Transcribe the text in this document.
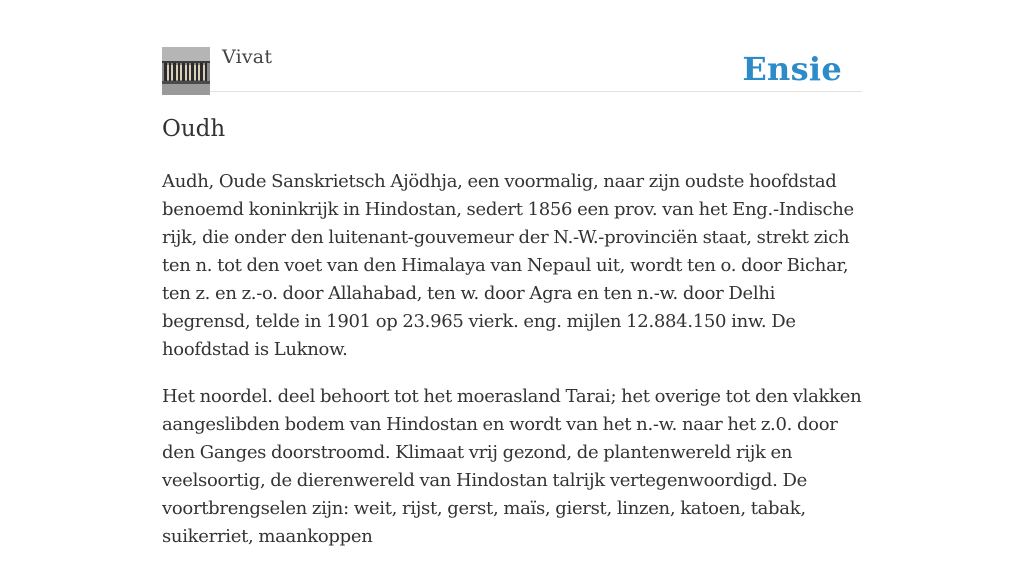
Vivat	Ensie
Oudh

Audh, Oude Sanskrietsch Ajödhja, een voormalig, naar zijn oudste hoofdstad benoemd koninkrijk in Hindostan, sedert 1856 een prov. van het Eng.-Indische rijk, die onder den luitenant-gouvemeur der N.-W.-provinciën staat, strekt zich ten n. tot den voet van den Himalaya van Nepaul uit, wordt ten o. door Bichar, ten z. en z.-o. door Allahabad, ten w. door Agra en ten n.-w. door Delhi begrensd, telde in 1901 op 23.965 vierk. eng. mijlen 12.884.150 inw. De hoofdstad is Luknow.

Het noordel. deel behoort tot het moerasland Tarai; het overige tot den vlakken aangeslibden bodem van Hindostan en wordt van het n.-w. naar het z.0. door den Ganges doorstroomd. Klimaat vrij gezond, de plantenwereld rijk en veelsoortig, de dierenwereld van Hindostan talrijk vertegenwoordigd. De voortbrengselen zijn: weit, rijst, gerst, maïs, gierst, linzen, katoen, tabak, suikerriet, maankoppen
